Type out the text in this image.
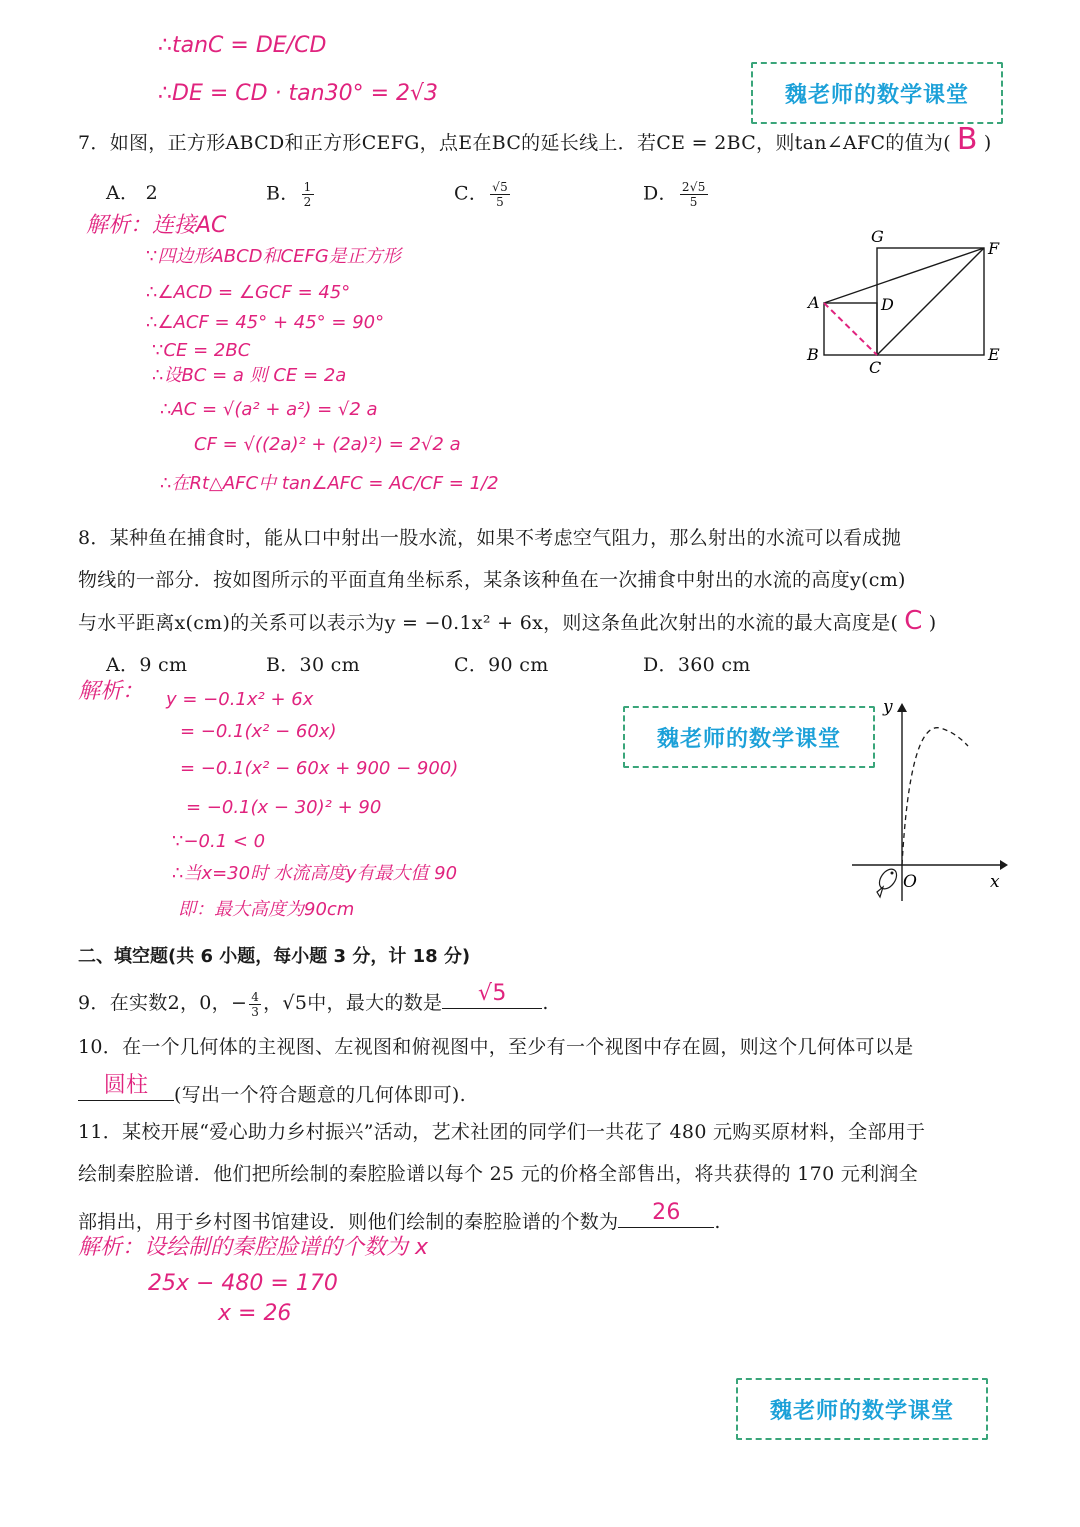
∴tanC = DE/CD
∴DE = CD · tan30° = 2√3	魏老师的数学课堂
7．如图，正方形ABCD和正方形CEFG，点E在BC的延长线上．若CE = 2BC，则tan∠AFC的值为( B )
A． 2	B． $\frac{1}{2}$	C． $\frac{√5}{5}$	D． $\frac{2√5}{5}$
解析：连接AC
∵四边形ABCD和CEFG是正方形
∴∠ACD = ∠GCF = 45°
∴∠ACF = 45° + 45° = 90°
∵CE = 2BC
∴设BC = a 则 CE = 2a
∴AC = √(a² + a²) = √2 a
CF = √((2a)² + (2a)²) = 2√2 a
∴在Rt△AFC中 tan∠AFC = AC/CF = 1/2
G
F
A	D
B
C
E
8．某种鱼在捕食时，能从口中射出一股水流，如果不考虑空气阻力，那么射出的水流可以看成抛
物线的一部分．按如图所示的平面直角坐标系，某条该种鱼在一次捕食中射出的水流的高度y(cm)
与水平距离x(cm)的关系可以表示为y = −0.1x² + 6x，则这条鱼此次射出的水流的最大高度是( C )
A．9 cm	B．30 cm	C．90 cm	D．360 cm
解析： y = −0.1x² + 6x
= −0.1(x² − 60x)
= −0.1(x² − 60x + 900 − 900)
= −0.1(x − 30)² + 90
∵−0.1 < 0
∴当x=30时 水流高度y有最大值 90
即：最大高度为90cm
魏老师的数学课堂
y
x
O
二、填空题(共 6 小题，每小题 3 分，计 18 分)
9．在实数2，0，− $\frac{4}{3}$ ，√5中，最大的数是	√5	.
10．在一个几何体的主视图、左视图和俯视图中，至少有一个视图中存在圆，则这个几何体可以是
圆柱	(写出一个符合题意的几何体即可).
11．某校开展“爱心助力乡村振兴”活动，艺术社团的同学们一共花了 480 元购买原材料，全部用于
绘制秦腔脸谱．他们把所绘制的秦腔脸谱以每个 25 元的价格全部售出，将共获得的 170 元利润全
部捐出，用于乡村图书馆建设．则他们绘制的秦腔脸谱的个数为	26	.
解析：设绘制的秦腔脸谱的个数为 x
25x − 480 = 170
x = 26
魏老师的数学课堂
